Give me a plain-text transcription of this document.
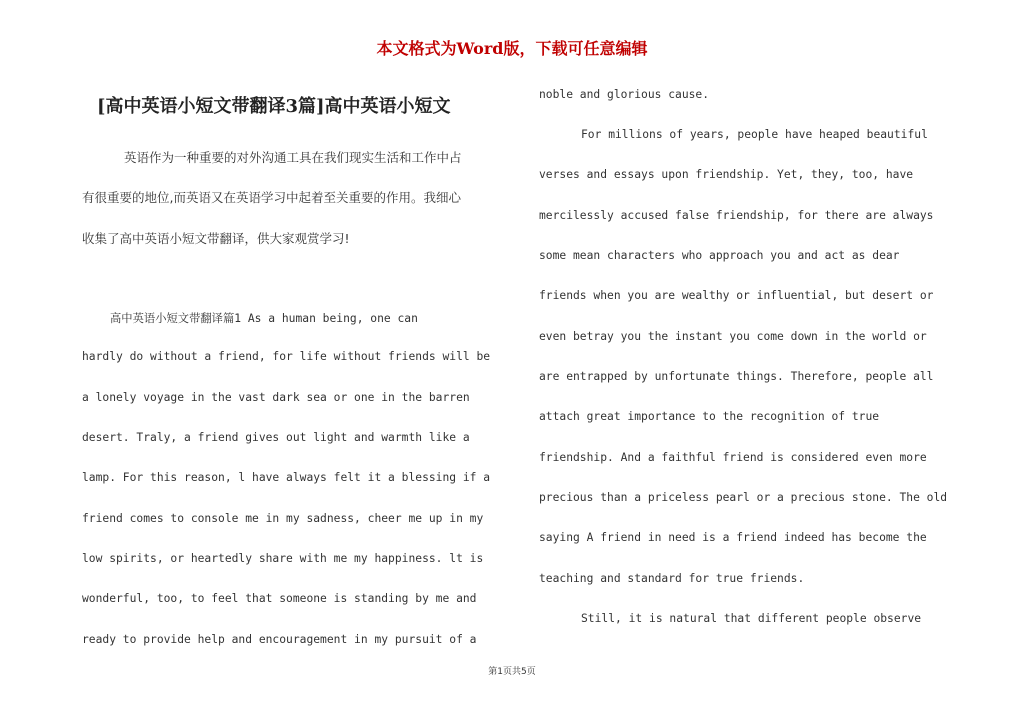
本文格式为Word版，下载可任意编辑
[高中英语小短文带翻译3篇]高中英语小短文
英语作为一种重要的对外沟通工具在我们现实生活和工作中占
有很重要的地位,而英语又在英语学习中起着至关重要的作用。我细心
收集了高中英语小短文带翻译，供大家观赏学习!
高中英语小短文带翻译篇1 As a human being, one can
hardly do without a friend, for life without friends will be
a lonely voyage in the vast dark sea or one in the barren
desert. Traly, a friend gives out light and warmth like a
lamp. For this reason, l have always felt it a blessing if a
friend comes to console me in my sadness, cheer me up in my
low spirits, or heartedly share with me my happiness. lt is
wonderful, too, to feel that someone is standing by me and
ready to provide help and encouragement in my pursuit of a
noble and glorious cause.
For millions of years, people have heaped beautiful
verses and essays upon friendship. Yet, they, too, have
mercilessly accused false friendship, for there are always
some mean characters who approach you and act as dear
friends when you are wealthy or influential, but desert or
even betray you the instant you come down in the world or
are entrapped by unfortunate things. Therefore, people all
attach great importance to the recognition of true
friendship. And a faithful friend is considered even more
precious than a priceless pearl or a precious stone. The old
saying A friend in need is a friend indeed has become the
teaching and standard for true friends.
Still, it is natural that different people observe
第1页共5页
